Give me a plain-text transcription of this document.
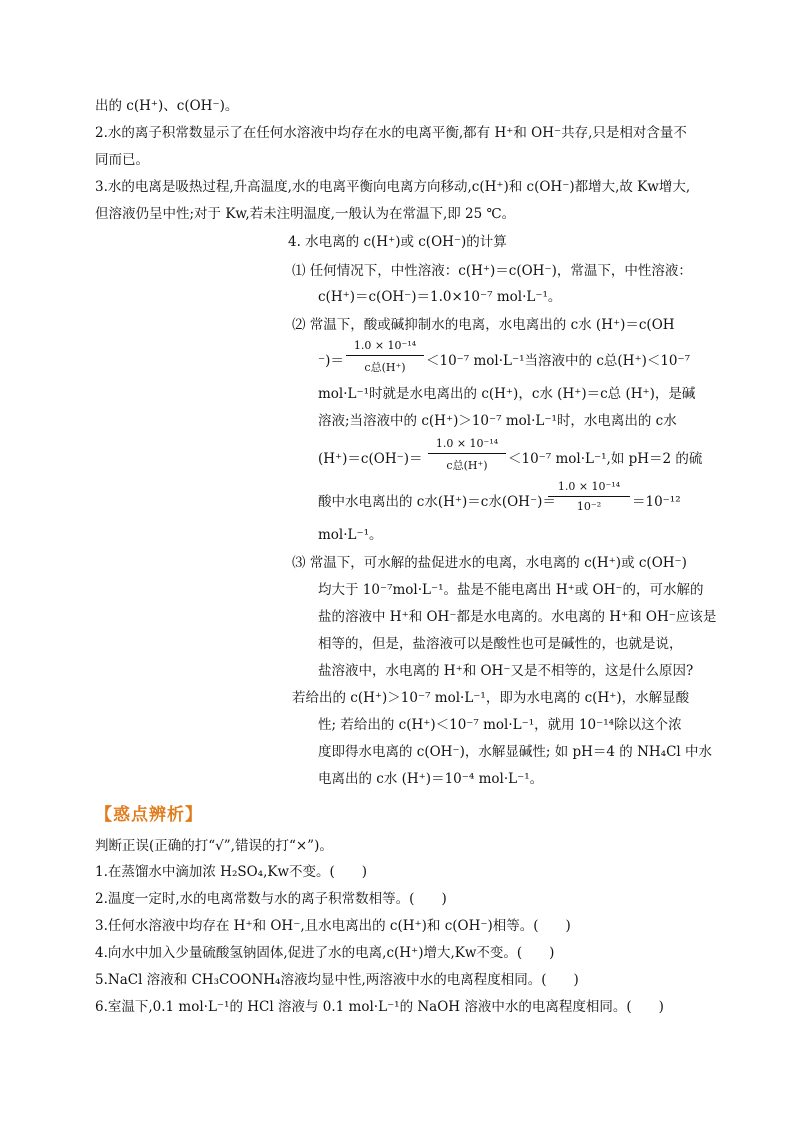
出的 c(H⁺)、c(OH⁻)。
2.水的离子积常数显示了在任何水溶液中均存在水的电离平衡,都有 H⁺和 OH⁻共存,只是相对含量不
同而已。
3.水的电离是吸热过程,升高温度,水的电离平衡向电离方向移动,c(H⁺)和 c(OH⁻)都增大,故 Kw增大,
但溶液仍呈中性;对于 Kw,若未注明温度,一般认为在常温下,即 25 ℃。
4. 水电离的 c(H⁺)或 c(OH⁻)的计算
⑴ 任何情况下，中性溶液：c(H⁺)＝c(OH⁻)，常温下，中性溶液：
c(H⁺)＝c(OH⁻)＝1.0×10⁻⁷ mol·L⁻¹。
⑵ 常温下，酸或碱抑制水的电离，水电离出的 c水 (H⁺)＝c(OH
⁻)＝
1.0 × 10⁻¹⁴
c总(H⁺)	＜10⁻⁷ mol·L⁻¹当溶液中的 c总(H⁺)＜10⁻⁷
mol·L⁻¹时就是水电离出的 c(H⁺)，c水 (H⁺)＝c总 (H⁺)，是碱
溶液;当溶液中的 c(H⁺)＞10⁻⁷ mol·L⁻¹时，水电离出的 c水
(H⁺)＝c(OH⁻)＝
1.0 × 10⁻¹⁴
c总(H⁺)	＜10⁻⁷ mol·L⁻¹,如 pH＝2 的硫
酸中水电离出的 c水(H⁺)＝c水(OH⁻)＝
1.0 × 10⁻¹⁴
10⁻²	＝10⁻¹²
mol·L⁻¹。
⑶ 常温下，可水解的盐促进水的电离，水电离的 c(H⁺)或 c(OH⁻)
均大于 10⁻⁷mol·L⁻¹。盐是不能电离出 H⁺或 OH⁻的，可水解的
盐的溶液中 H⁺和 OH⁻都是水电离的。水电离的 H⁺和 OH⁻应该是
相等的，但是，盐溶液可以是酸性也可是碱性的，也就是说，
盐溶液中，水电离的 H⁺和 OH⁻又是不相等的，这是什么原因?
若给出的 c(H⁺)＞10⁻⁷ mol·L⁻¹，即为水电离的 c(H⁺)，水解显酸
性; 若给出的 c(H⁺)＜10⁻⁷ mol·L⁻¹，就用 10⁻¹⁴除以这个浓
度即得水电离的 c(OH⁻)，水解显碱性; 如 pH＝4 的 NH₄Cl 中水
电离出的 c水 (H⁺)＝10⁻⁴ mol·L⁻¹。
【惑点辨析】
判断正误(正确的打“√”,错误的打“×”)。
1.在蒸馏水中滴加浓 H₂SO₄,Kw不变。(　　)
2.温度一定时,水的电离常数与水的离子积常数相等。(　　)
3.任何水溶液中均存在 H⁺和 OH⁻,且水电离出的 c(H⁺)和 c(OH⁻)相等。(　　)
4.向水中加入少量硫酸氢钠固体,促进了水的电离,c(H⁺)增大,Kw不变。(　　)
5.NaCl 溶液和 CH₃COONH₄溶液均显中性,两溶液中水的电离程度相同。(　　)
6.室温下,0.1 mol·L⁻¹的 HCl 溶液与 0.1 mol·L⁻¹的 NaOH 溶液中水的电离程度相同。(　　)
